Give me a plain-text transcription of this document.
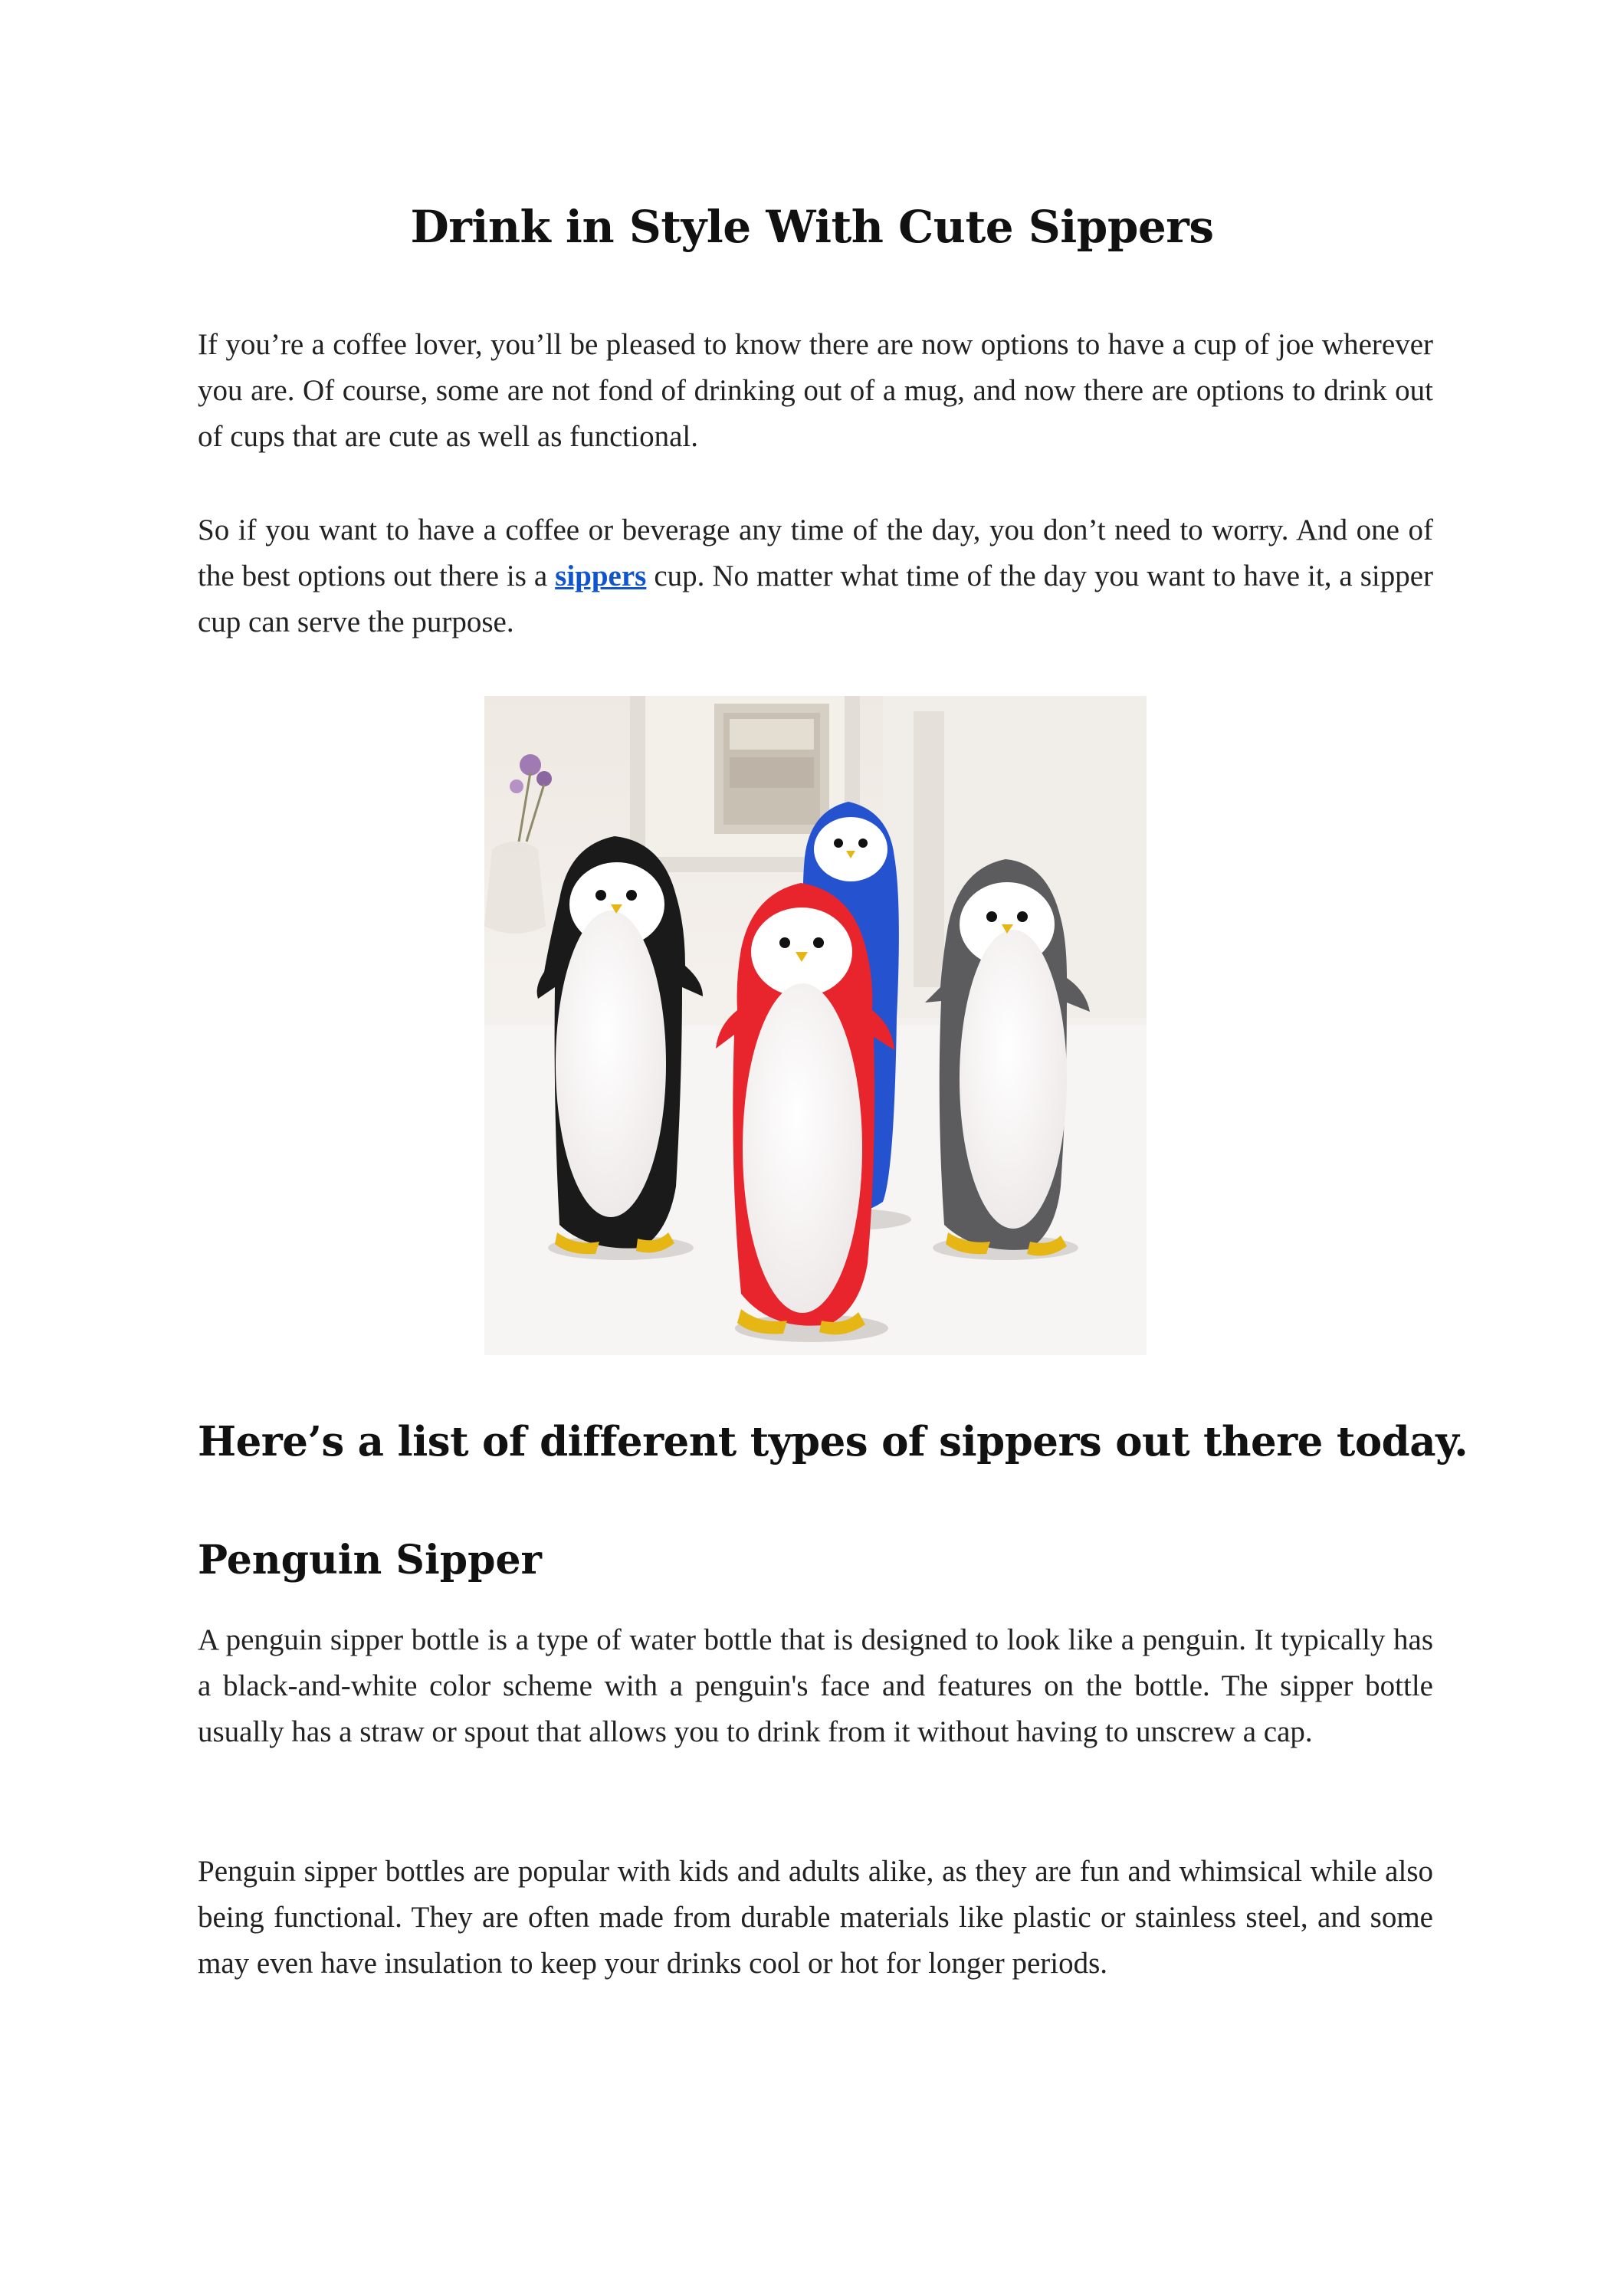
Drink in Style With Cute Sippers

If you’re a coffee lover, you’ll be pleased to know there are now options to have a cup of joe wherever you are. Of course, some are not fond of drinking out of a mug, and now there are options to drink out of cups that are cute as well as functional.

So if you want to have a coffee or beverage any time of the day, you don’t need to worry. And one of the best options out there is a sippers cup. No matter what time of the day you want to have it, a sipper cup can serve the purpose.

Here’s a list of different types of sippers out there today.
Penguin Sipper

A penguin sipper bottle is a type of water bottle that is designed to look like a penguin. It typically has a black-and-white color scheme with a penguin's face and features on the bottle. The sipper bottle usually has a straw or spout that allows you to drink from it without having to unscrew a cap.

Penguin sipper bottles are popular with kids and adults alike, as they are fun and whimsical while also being functional. They are often made from durable materials like plastic or stainless steel, and some may even have insulation to keep your drinks cool or hot for longer periods.
